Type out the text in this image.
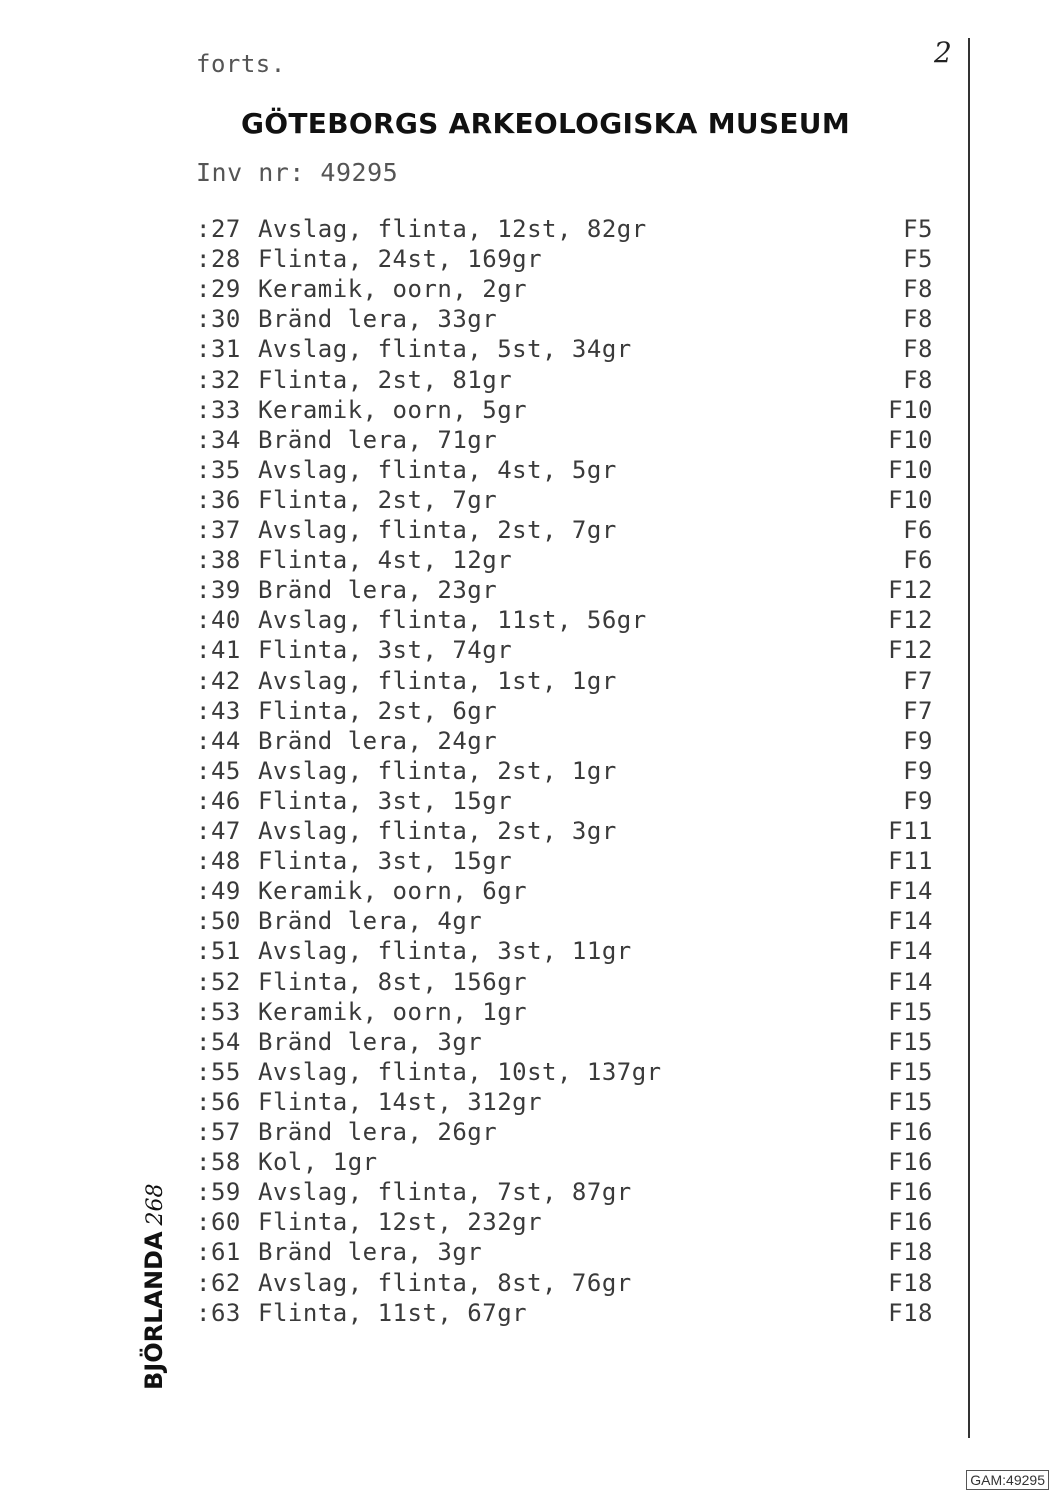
forts.	2
GÖTEBORGS ARKEOLOGISKA MUSEUM
Inv nr: 49295
:27 Avslag, flinta, 12st, 82gr	F5
:28 Flinta, 24st, 169gr	F5
:29 Keramik, oorn, 2gr	F8
:30 Bränd lera, 33gr	F8
:31 Avslag, flinta, 5st, 34gr	F8
:32 Flinta, 2st, 81gr	F8
:33 Keramik, oorn, 5gr	F10
:34 Bränd lera, 71gr	F10
:35 Avslag, flinta, 4st, 5gr	F10
:36 Flinta, 2st, 7gr	F10
:37 Avslag, flinta, 2st, 7gr	F6
:38 Flinta, 4st, 12gr	F6
:39 Bränd lera, 23gr	F12
:40 Avslag, flinta, 11st, 56gr	F12
:41 Flinta, 3st, 74gr	F12
:42 Avslag, flinta, 1st, 1gr	F7
:43 Flinta, 2st, 6gr	F7
:44 Bränd lera, 24gr	F9
:45 Avslag, flinta, 2st, 1gr	F9
:46 Flinta, 3st, 15gr	F9
:47 Avslag, flinta, 2st, 3gr	F11
:48 Flinta, 3st, 15gr	F11
:49 Keramik, oorn, 6gr	F14
:50 Bränd lera, 4gr	F14
:51 Avslag, flinta, 3st, 11gr	F14
:52 Flinta, 8st, 156gr	F14
:53 Keramik, oorn, 1gr	F15
:54 Bränd lera, 3gr	F15
:55 Avslag, flinta, 10st, 137gr	F15
:56 Flinta, 14st, 312gr	F15
:57 Bränd lera, 26gr	F16
:58 Kol, 1gr	F16
:59 Avslag, flinta, 7st, 87gr	F16
:60 Flinta, 12st, 232gr	F16
:61 Bränd lera, 3gr	F18
:62 Avslag, flinta, 8st, 76gr	F18
:63 Flinta, 11st, 67gr	F18
BJÖRLANDA268
GAM:49295
